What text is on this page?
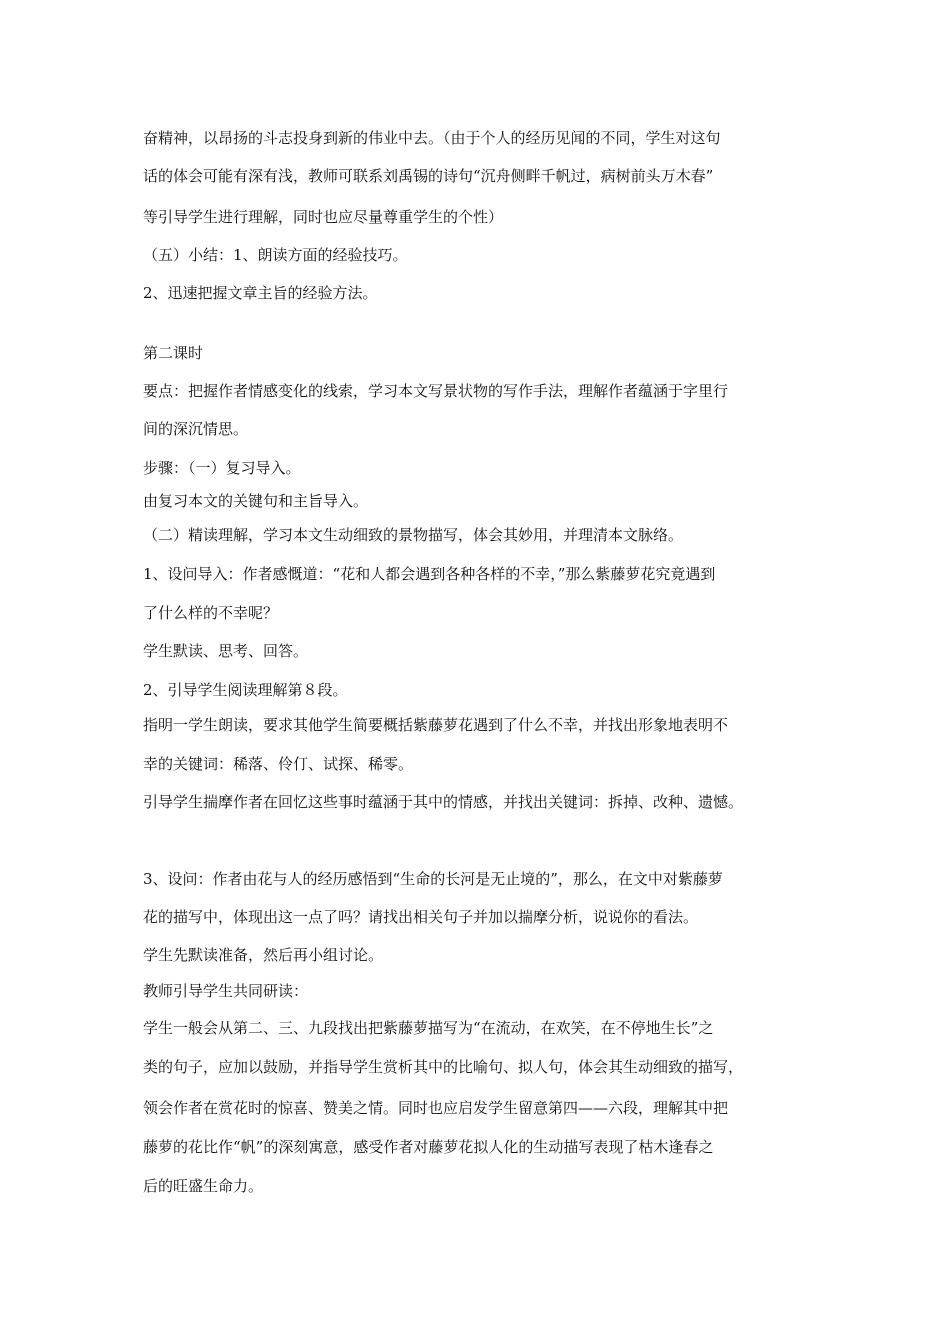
奋精神，以昂扬的斗志投身到新的伟业中去。（由于个人的经历见闻的不同，学生对这句
话的体会可能有深有浅，教师可联系刘禹锡的诗句“沉舟侧畔千帆过，病树前头万木春”
等引导学生进行理解，同时也应尽量尊重学生的个性）
（五）小结：1、朗读方面的经验技巧。
2、迅速把握文章主旨的经验方法。
第二课时
要点：把握作者情感变化的线索，学习本文写景状物的写作手法，理解作者蕴涵于字里行
间的深沉情思。
步骤：（一）复习导入。
由复习本文的关键句和主旨导入。
（二）精读理解，学习本文生动细致的景物描写，体会其妙用，并理清本文脉络。
1、设问导入：作者感慨道：“花和人都会遇到各种各样的不幸，”那么紫藤萝花究竟遇到
了什么样的不幸呢？
学生默读、思考、回答。
2、引导学生阅读理解第８段。
指明一学生朗读，要求其他学生简要概括紫藤萝花遇到了什么不幸，并找出形象地表明不
幸的关键词：稀落、伶仃、试探、稀零。
引导学生揣摩作者在回忆这些事时蕴涵于其中的情感，并找出关键词：拆掉、改种、遗憾。
3、设问：作者由花与人的经历感悟到“生命的长河是无止境的”，那么，在文中对紫藤萝
花的描写中，体现出这一点了吗？请找出相关句子并加以揣摩分析，说说你的看法。
学生先默读准备，然后再小组讨论。
教师引导学生共同研读：
学生一般会从第二、三、九段找出把紫藤萝描写为“在流动，在欢笑，在不停地生长”之
类的句子，应加以鼓励，并指导学生赏析其中的比喻句、拟人句，体会其生动细致的描写，
领会作者在赏花时的惊喜、赞美之情。同时也应启发学生留意第四——六段，理解其中把
藤萝的花比作“帆”的深刻寓意，感受作者对藤萝花拟人化的生动描写表现了枯木逢春之
后的旺盛生命力。
